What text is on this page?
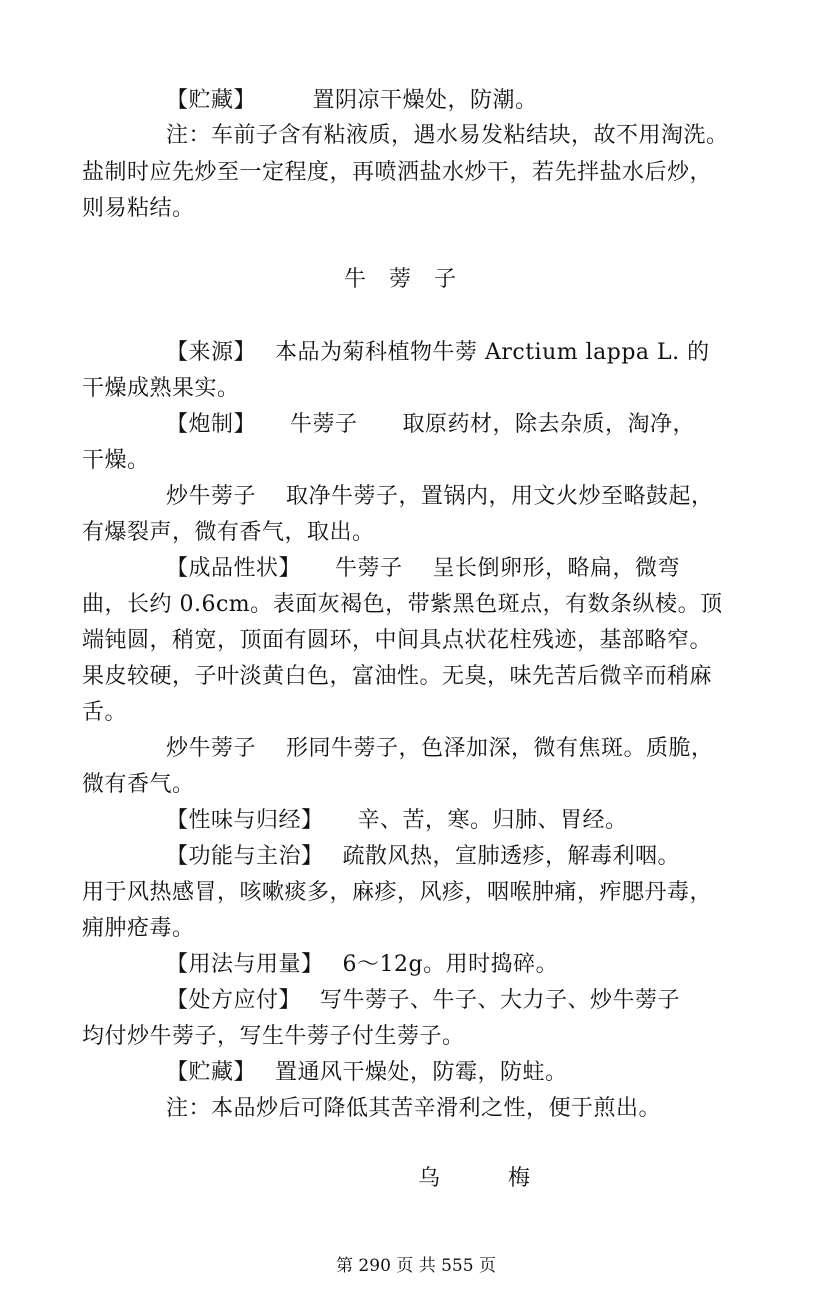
【贮藏】　　　置阴凉干燥处，防潮。
注：车前子含有粘液质，遇水易发粘结块，故不用淘洗。
盐制时应先炒至一定程度，再喷洒盐水炒干，若先拌盐水后炒，
则易粘结。
牛　蒡　子
【来源】　 本品为菊科植物牛蒡 Arctium lappa L. 的
干燥成熟果实。
【炮制】　　牛蒡子　　取原药材，除去杂质，淘净，
干燥。
炒牛蒡子　 取净牛蒡子，置锅内，用文火炒至略鼓起，
有爆裂声，微有香气，取出。
【成品性状】　　牛蒡子　 呈长倒卵形，略扁，微弯
曲，长约 0.6cm。表面灰褐色，带紫黑色斑点，有数条纵棱。顶
端钝圆，稍宽，顶面有圆环，中间具点状花柱残迹，基部略窄。
果皮较硬，子叶淡黄白色，富油性。无臭，味先苦后微辛而稍麻
舌。
炒牛蒡子　 形同牛蒡子，色泽加深，微有焦斑。质脆，
微有香气。
【性味与归经】　　辛、苦，寒。归肺、胃经。
【功能与主治】　 疏散风热，宣肺透疹，解毒利咽。
用于风热感冒，咳嗽痰多，麻疹，风疹，咽喉肿痛，痄腮丹毒，
痈肿疮毒。
【用法与用量】　 6～12g。用时捣碎。
【处方应付】　 写牛蒡子、牛子、大力子、炒牛蒡子
均付炒牛蒡子，写生牛蒡子付生蒡子。
【贮藏】　 置通风干燥处，防霉，防蛀。
注：本品炒后可降低其苦辛滑利之性，便于煎出。
乌　　　梅
第 290 页 共 555 页
